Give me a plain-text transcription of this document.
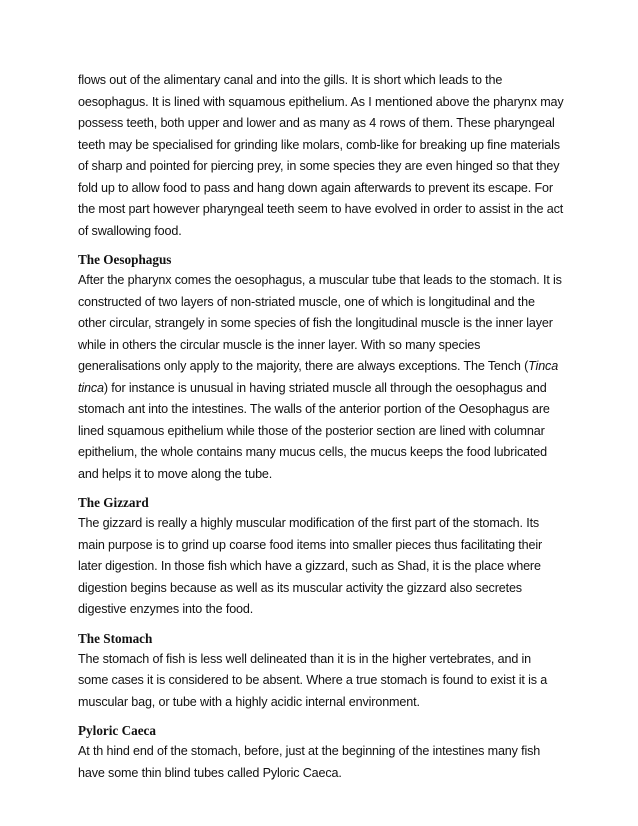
flows out of the alimentary canal and into the gills. It is short which leads to the oesophagus. It is lined with squamous epithelium. As I mentioned above the pharynx may possess teeth, both upper and lower and as many as 4 rows of them. These pharyngeal teeth may be specialised for grinding like molars, comb-like for breaking up fine materials of sharp and pointed for piercing prey, in some species they are even hinged so that they fold up to allow food to pass and hang down again afterwards to prevent its escape. For the most part however pharyngeal teeth seem to have evolved in order to assist in the act of swallowing food.

The Oesophagus

After the pharynx comes the oesophagus, a muscular tube that leads to the stomach. It is constructed of two layers of non-striated muscle, one of which is longitudinal and the other circular, strangely in some species of fish the longitudinal muscle is the inner layer while in others the circular muscle is the inner layer. With so many species generalisations only apply to the majority, there are always exceptions. The Tench (Tinca tinca) for instance is unusual in having striated muscle all through the oesophagus and stomach ant into the intestines. The walls of the anterior portion of the Oesophagus are lined squamous epithelium while those of the posterior section are lined with columnar epithelium, the whole contains many mucus cells, the mucus keeps the food lubricated and helps it to move along the tube.

The Gizzard

The gizzard is really a highly muscular modification of the first part of the stomach. Its main purpose is to grind up coarse food items into smaller pieces thus facilitating their later digestion. In those fish which have a gizzard, such as Shad, it is the place where digestion begins because as well as its muscular activity the gizzard also secretes digestive enzymes into the food.

The Stomach

The stomach of fish is less well delineated than it is in the higher vertebrates, and in some cases it is considered to be absent. Where a true stomach is found to exist it is a muscular bag, or tube with a highly acidic internal environment.

Pyloric Caeca

At th hind end of the stomach, before, just at the beginning of the intestines many fish have some thin blind tubes called Pyloric Caeca.
